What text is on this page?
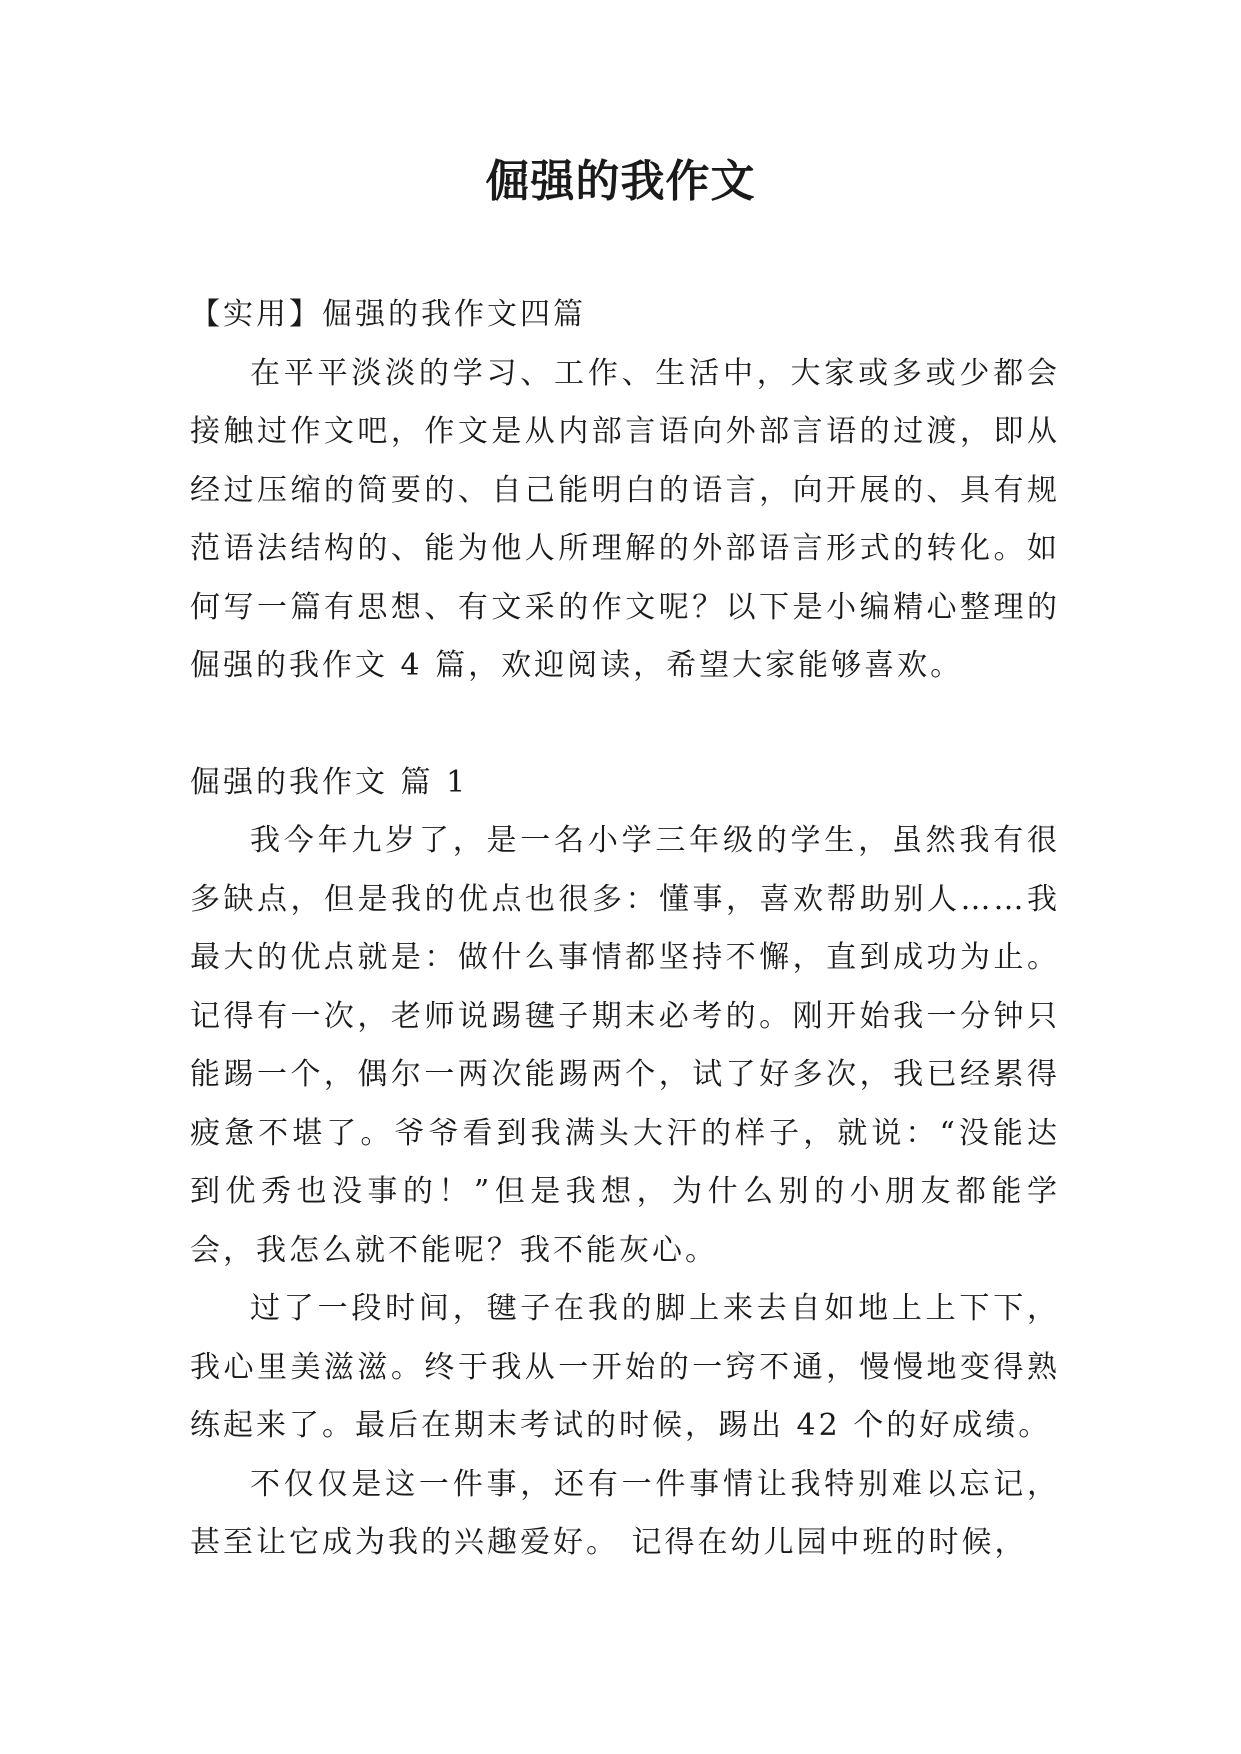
倔强的我作文

【实用】倔强的我作文四篇

在平平淡淡的学习、工作、生活中，大家或多或少都会接触过作文吧，作文是从内部言语向外部言语的过渡，即从经过压缩的简要的、自己能明白的语言，向开展的、具有规范语法结构的、能为他人所理解的外部语言形式的转化。如何写一篇有思想、有文采的作文呢？以下是小编精心整理的倔强的我作文 4 篇，欢迎阅读，希望大家能够喜欢。

倔强的我作文 篇 1

我今年九岁了，是一名小学三年级的学生，虽然我有很多缺点，但是我的优点也很多：懂事，喜欢帮助别人……我最大的优点就是：做什么事情都坚持不懈，直到成功为止。记得有一次，老师说踢毽子期末必考的。刚开始我一分钟只能踢一个，偶尔一两次能踢两个，试了好多次，我已经累得疲惫不堪了。爷爷看到我满头大汗的样子，就说：“没能达到优秀也没事的！”但是我想，为什么别的小朋友都能学会，我怎么就不能呢？我不能灰心。

过了一段时间，毽子在我的脚上来去自如地上上下下，我心里美滋滋。终于我从一开始的一窍不通，慢慢地变得熟练起来了。最后在期末考试的时候，踢出 42 个的好成绩。

不仅仅是这一件事，还有一件事情让我特别难以忘记，甚至让它成为我的兴趣爱好。 记得在幼儿园中班的时候，
